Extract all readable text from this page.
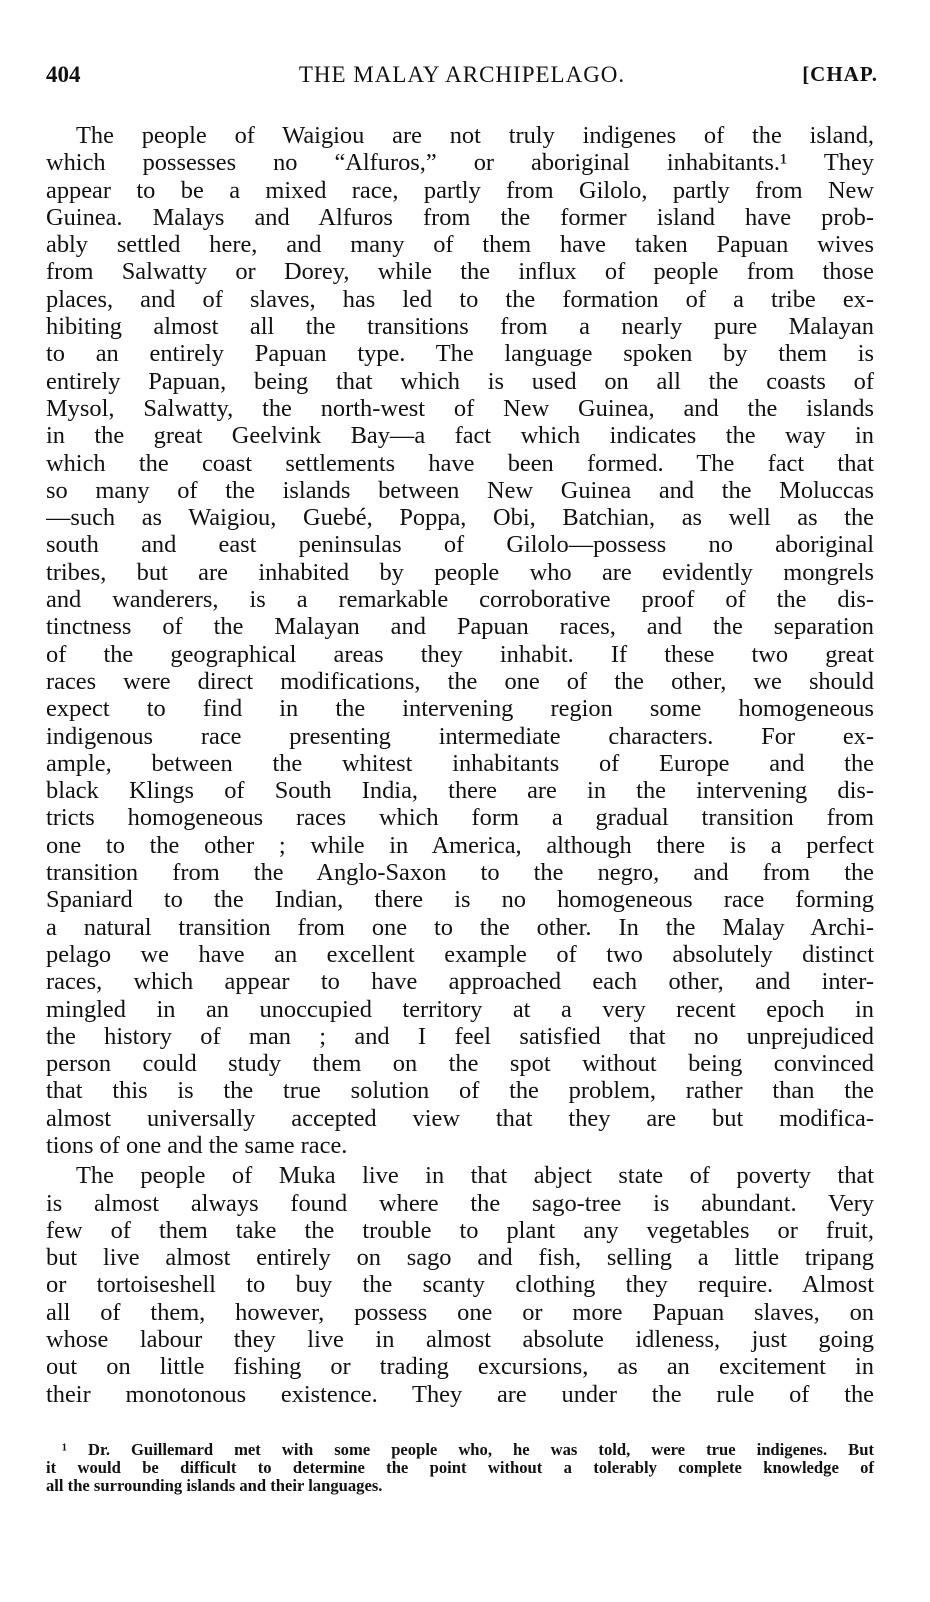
404	THE MALAY ARCHIPELAGO.	[CHAP.
The people of Waigiou are not truly indigenes of the island,
which possesses no “Alfuros,” or aboriginal inhabitants.¹ They
appear to be a mixed race, partly from Gilolo, partly from New
Guinea. Malays and Alfuros from the former island have prob-
ably settled here, and many of them have taken Papuan wives
from Salwatty or Dorey, while the influx of people from those
places, and of slaves, has led to the formation of a tribe ex-
hibiting almost all the transitions from a nearly pure Malayan
to an entirely Papuan type. The language spoken by them is
entirely Papuan, being that which is used on all the coasts of
Mysol, Salwatty, the north-west of New Guinea, and the islands
in the great Geelvink Bay—a fact which indicates the way in
which the coast settlements have been formed. The fact that
so many of the islands between New Guinea and the Moluccas
—such as Waigiou, Guebé, Poppa, Obi, Batchian, as well as the
south and east peninsulas of Gilolo—possess no aboriginal
tribes, but are inhabited by people who are evidently mongrels
and wanderers, is a remarkable corroborative proof of the dis-
tinctness of the Malayan and Papuan races, and the separation
of the geographical areas they inhabit. If these two great
races were direct modifications, the one of the other, we should
expect to find in the intervening region some homogeneous
indigenous race presenting intermediate characters. For ex-
ample, between the whitest inhabitants of Europe and the
black Klings of South India, there are in the intervening dis-
tricts homogeneous races which form a gradual transition from
one to the other ; while in America, although there is a perfect
transition from the Anglo-Saxon to the negro, and from the
Spaniard to the Indian, there is no homogeneous race forming
a natural transition from one to the other. In the Malay Archi-
pelago we have an excellent example of two absolutely distinct
races, which appear to have approached each other, and inter-
mingled in an unoccupied territory at a very recent epoch in
the history of man ; and I feel satisfied that no unprejudiced
person could study them on the spot without being convinced
that this is the true solution of the problem, rather than the
almost universally accepted view that they are but modifica-
tions of one and the same race.
The people of Muka live in that abject state of poverty that
is almost always found where the sago-tree is abundant. Very
few of them take the trouble to plant any vegetables or fruit,
but live almost entirely on sago and fish, selling a little tripang
or tortoiseshell to buy the scanty clothing they require. Almost
all of them, however, possess one or more Papuan slaves, on
whose labour they live in almost absolute idleness, just going
out on little fishing or trading excursions, as an excitement in
their monotonous existence. They are under the rule of the
¹ Dr. Guillemard met with some people who, he was told, were true indigenes. But
it would be difficult to determine the point without a tolerably complete knowledge of
all the surrounding islands and their languages.
